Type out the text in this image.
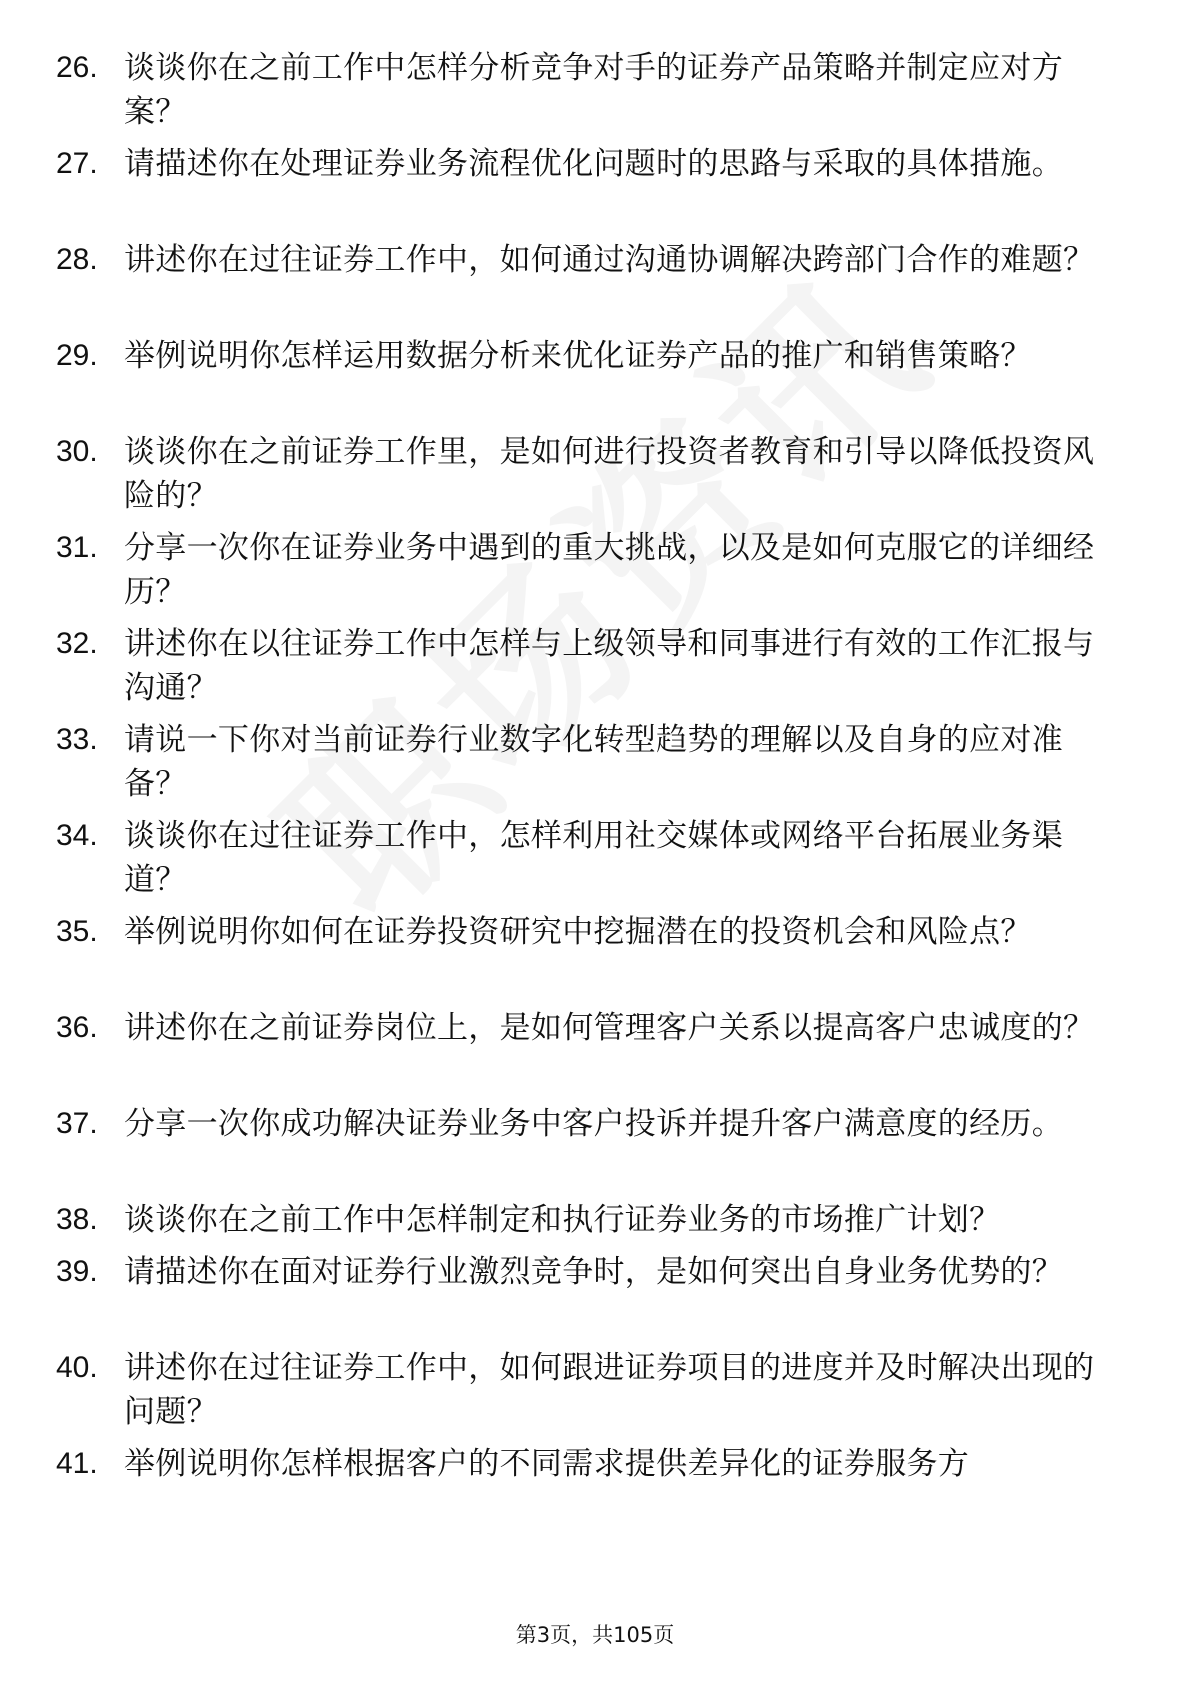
26. 谈谈你在之前工作中怎样分析竞争对手的证券产品策略并制定应对方案？
27. 请描述你在处理证券业务流程优化问题时的思路与采取的具体措施。
28. 讲述你在过往证券工作中，如何通过沟通协调解决跨部门合作的难题？
29. 举例说明你怎样运用数据分析来优化证券产品的推广和销售策略？
30. 谈谈你在之前证券工作里，是如何进行投资者教育和引导以降低投资风险的？
31. 分享一次你在证券业务中遇到的重大挑战，以及是如何克服它的详细经历？
32. 讲述你在以往证券工作中怎样与上级领导和同事进行有效的工作汇报与沟通？
33. 请说一下你对当前证券行业数字化转型趋势的理解以及自身的应对准备？
34. 谈谈你在过往证券工作中，怎样利用社交媒体或网络平台拓展业务渠道？
35. 举例说明你如何在证券投资研究中挖掘潜在的投资机会和风险点？
36. 讲述你在之前证券岗位上，是如何管理客户关系以提高客户忠诚度的？
37. 分享一次你成功解决证券业务中客户投诉并提升客户满意度的经历。
38. 谈谈你在之前工作中怎样制定和执行证券业务的市场推广计划？
39. 请描述你在面对证券行业激烈竞争时，是如何突出自身业务优势的？
40. 讲述你在过往证券工作中，如何跟进证券项目的进度并及时解决出现的问题？
41. 举例说明你怎样根据客户的不同需求提供差异化的证券服务方
第3页，共105页
